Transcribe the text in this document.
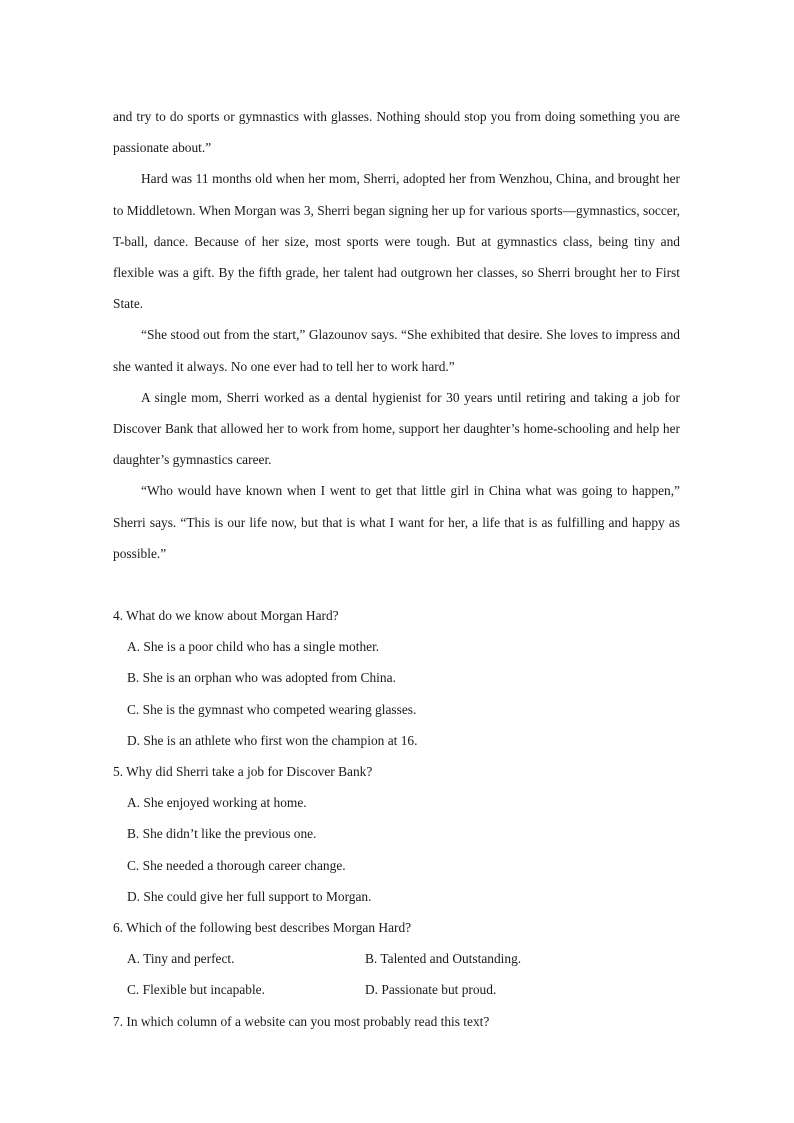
and try to do sports or gymnastics with glasses. Nothing should stop you from doing something you are passionate about.”

Hard was 11 months old when her mom, Sherri, adopted her from Wenzhou, China, and brought her to Middletown. When Morgan was 3, Sherri began signing her up for various sports—gymnastics, soccer, T-ball, dance. Because of her size, most sports were tough. But at gymnastics class, being tiny and flexible was a gift. By the fifth grade, her talent had outgrown her classes, so Sherri brought her to First State.

“She stood out from the start,” Glazounov says. “She exhibited that desire. She loves to impress and she wanted it always. No one ever had to tell her to work hard.”

A single mom, Sherri worked as a dental hygienist for 30 years until retiring and taking a job for Discover Bank that allowed her to work from home, support her daughter’s home-schooling and help her daughter’s gymnastics career.

“Who would have known when I went to get that little girl in China what was going to happen,” Sherri says. “This is our life now, but that is what I want for her, a life that is as fulfilling and happy as possible.”

4. What do we know about Morgan Hard?

A. She is a poor child who has a single mother.

B. She is an orphan who was adopted from China.

C. She is the gymnast who competed wearing glasses.

D. She is an athlete who first won the champion at 16.

5. Why did Sherri take a job for Discover Bank?

A. She enjoyed working at home.

B. She didn’t like the previous one.

C. She needed a thorough career change.

D. She could give her full support to Morgan.

6. Which of the following best describes Morgan Hard?

A. Tiny and perfect.	B. Talented and Outstanding.
C. Flexible but incapable.	D. Passionate but proud.

7. In which column of a website can you most probably read this text?
